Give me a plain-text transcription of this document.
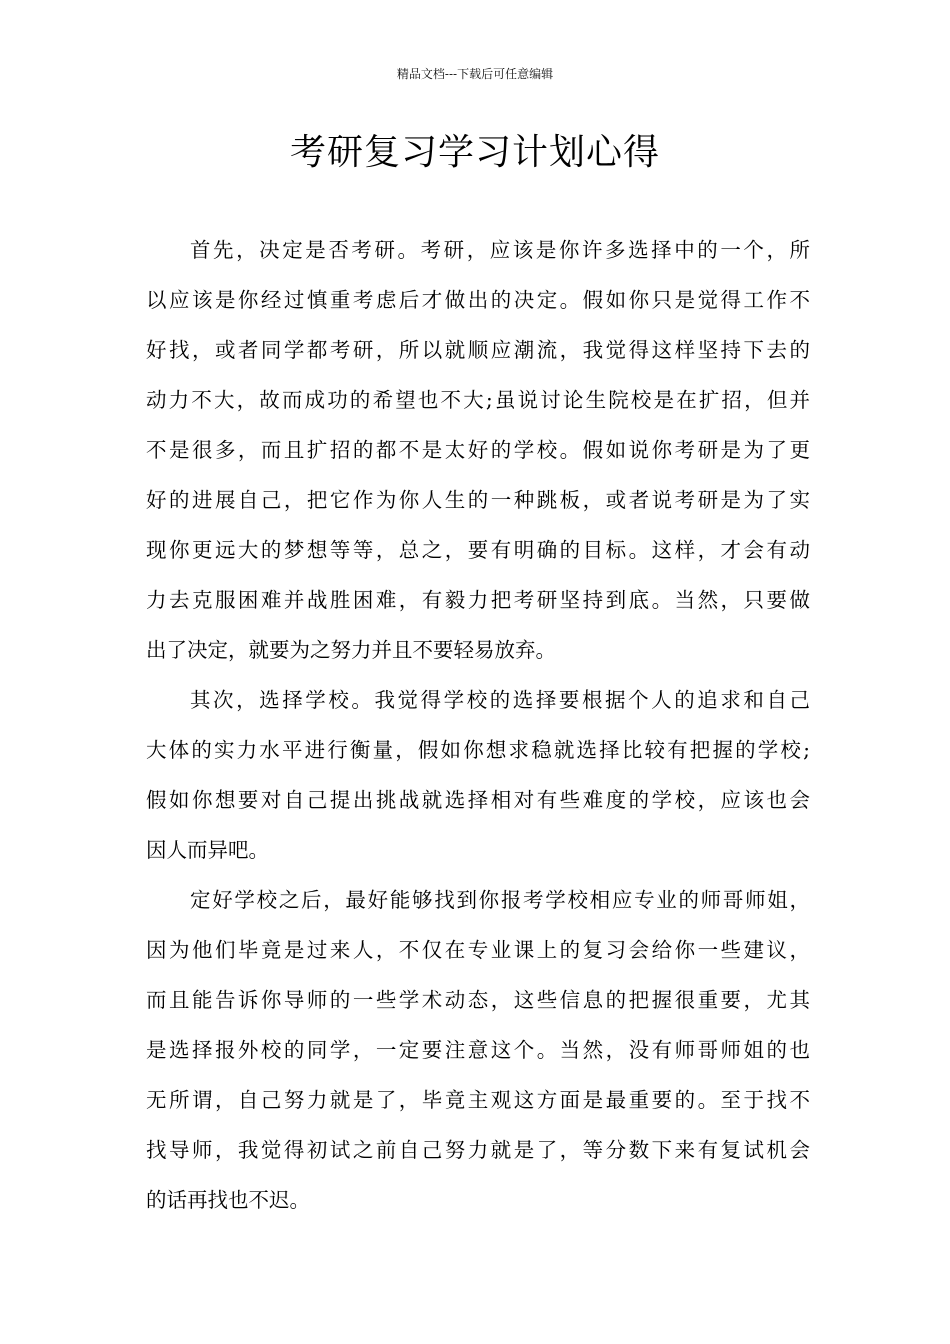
精品文档---下载后可任意编辑
考研复习学习计划心得
首先，决定是否考研。考研，应该是你许多选择中的一个，所
以应该是你经过慎重考虑后才做出的决定。假如你只是觉得工作不
好找，或者同学都考研，所以就顺应潮流，我觉得这样坚持下去的
动力不大，故而成功的希望也不大;虽说讨论生院校是在扩招，但并
不是很多，而且扩招的都不是太好的学校。假如说你考研是为了更
好的进展自己，把它作为你人生的一种跳板，或者说考研是为了实
现你更远大的梦想等等，总之，要有明确的目标。这样，才会有动
力去克服困难并战胜困难，有毅力把考研坚持到底。当然，只要做
出了决定，就要为之努力并且不要轻易放弃。
其次，选择学校。我觉得学校的选择要根据个人的追求和自己
大体的实力水平进行衡量，假如你想求稳就选择比较有把握的学校;
假如你想要对自己提出挑战就选择相对有些难度的学校，应该也会
因人而异吧。
定好学校之后，最好能够找到你报考学校相应专业的师哥师姐，
因为他们毕竟是过来人，不仅在专业课上的复习会给你一些建议，
而且能告诉你导师的一些学术动态，这些信息的把握很重要，尤其
是选择报外校的同学，一定要注意这个。当然，没有师哥师姐的也
无所谓，自己努力就是了，毕竟主观这方面是最重要的。至于找不
找导师，我觉得初试之前自己努力就是了，等分数下来有复试机会
的话再找也不迟。
